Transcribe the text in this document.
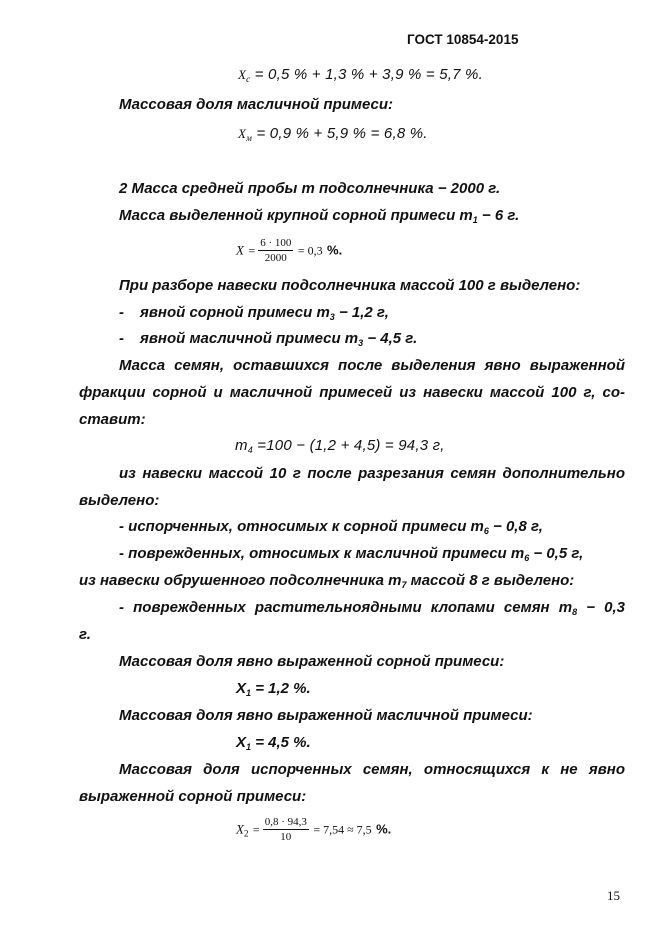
ГОСТ 10854-2015
$X_с = 0,5$ % + 1,3 % + 3,9 % = 5,7 %.
Массовая доля масличной примеси:
$X_м = 0,9$ % + 5,9 % = 6,8 %.
2 Масса средней пробы m подсолнечника − 2000 г.
Масса выделенной крупной сорной примеси $m_1 - 6$ г.
$X = \frac{6 \cdot 100}{2000} = 0,3$ %.
При разборе навески подсолнечника массой 100 г выделено:
- явной сорной примеси $m_3 - 1,2$ г,
- явной масличной примеси $m_3 - 4,5$ г.
Масса семян, оставшихся после выделения явно выраженной
фракции сорной и масличной примесей из навески массой 100 г, со-
ставит:
$m_4 =100 - (1,2 + 4,5) = 94,3$ г,
из навески массой 10 г после разрезания семян дополнительно
выделено:
- испорченных, относимых к сорной примеси $m_6 - 0,8$ г,
- поврежденных, относимых к масличной примеси $m_6 - 0,5$ г,
из навески обрушенного подсолнечника $m_7$ массой 8 г выделено:
- поврежденных растительноядными клопами семян $m_8 - 0,3$
г.
Массовая доля явно выраженной сорной примеси:
$X_1 = 1,2$ %.
Массовая доля явно выраженной масличной примеси:
$X_1 = 4,5$ %.
Массовая доля испорченных семян, относящихся к не явно
выраженной сорной примеси:
$X_2 = \frac{0,8 \cdot 94,3}{10} = 7,54 \approx 7,5$ %.
15
